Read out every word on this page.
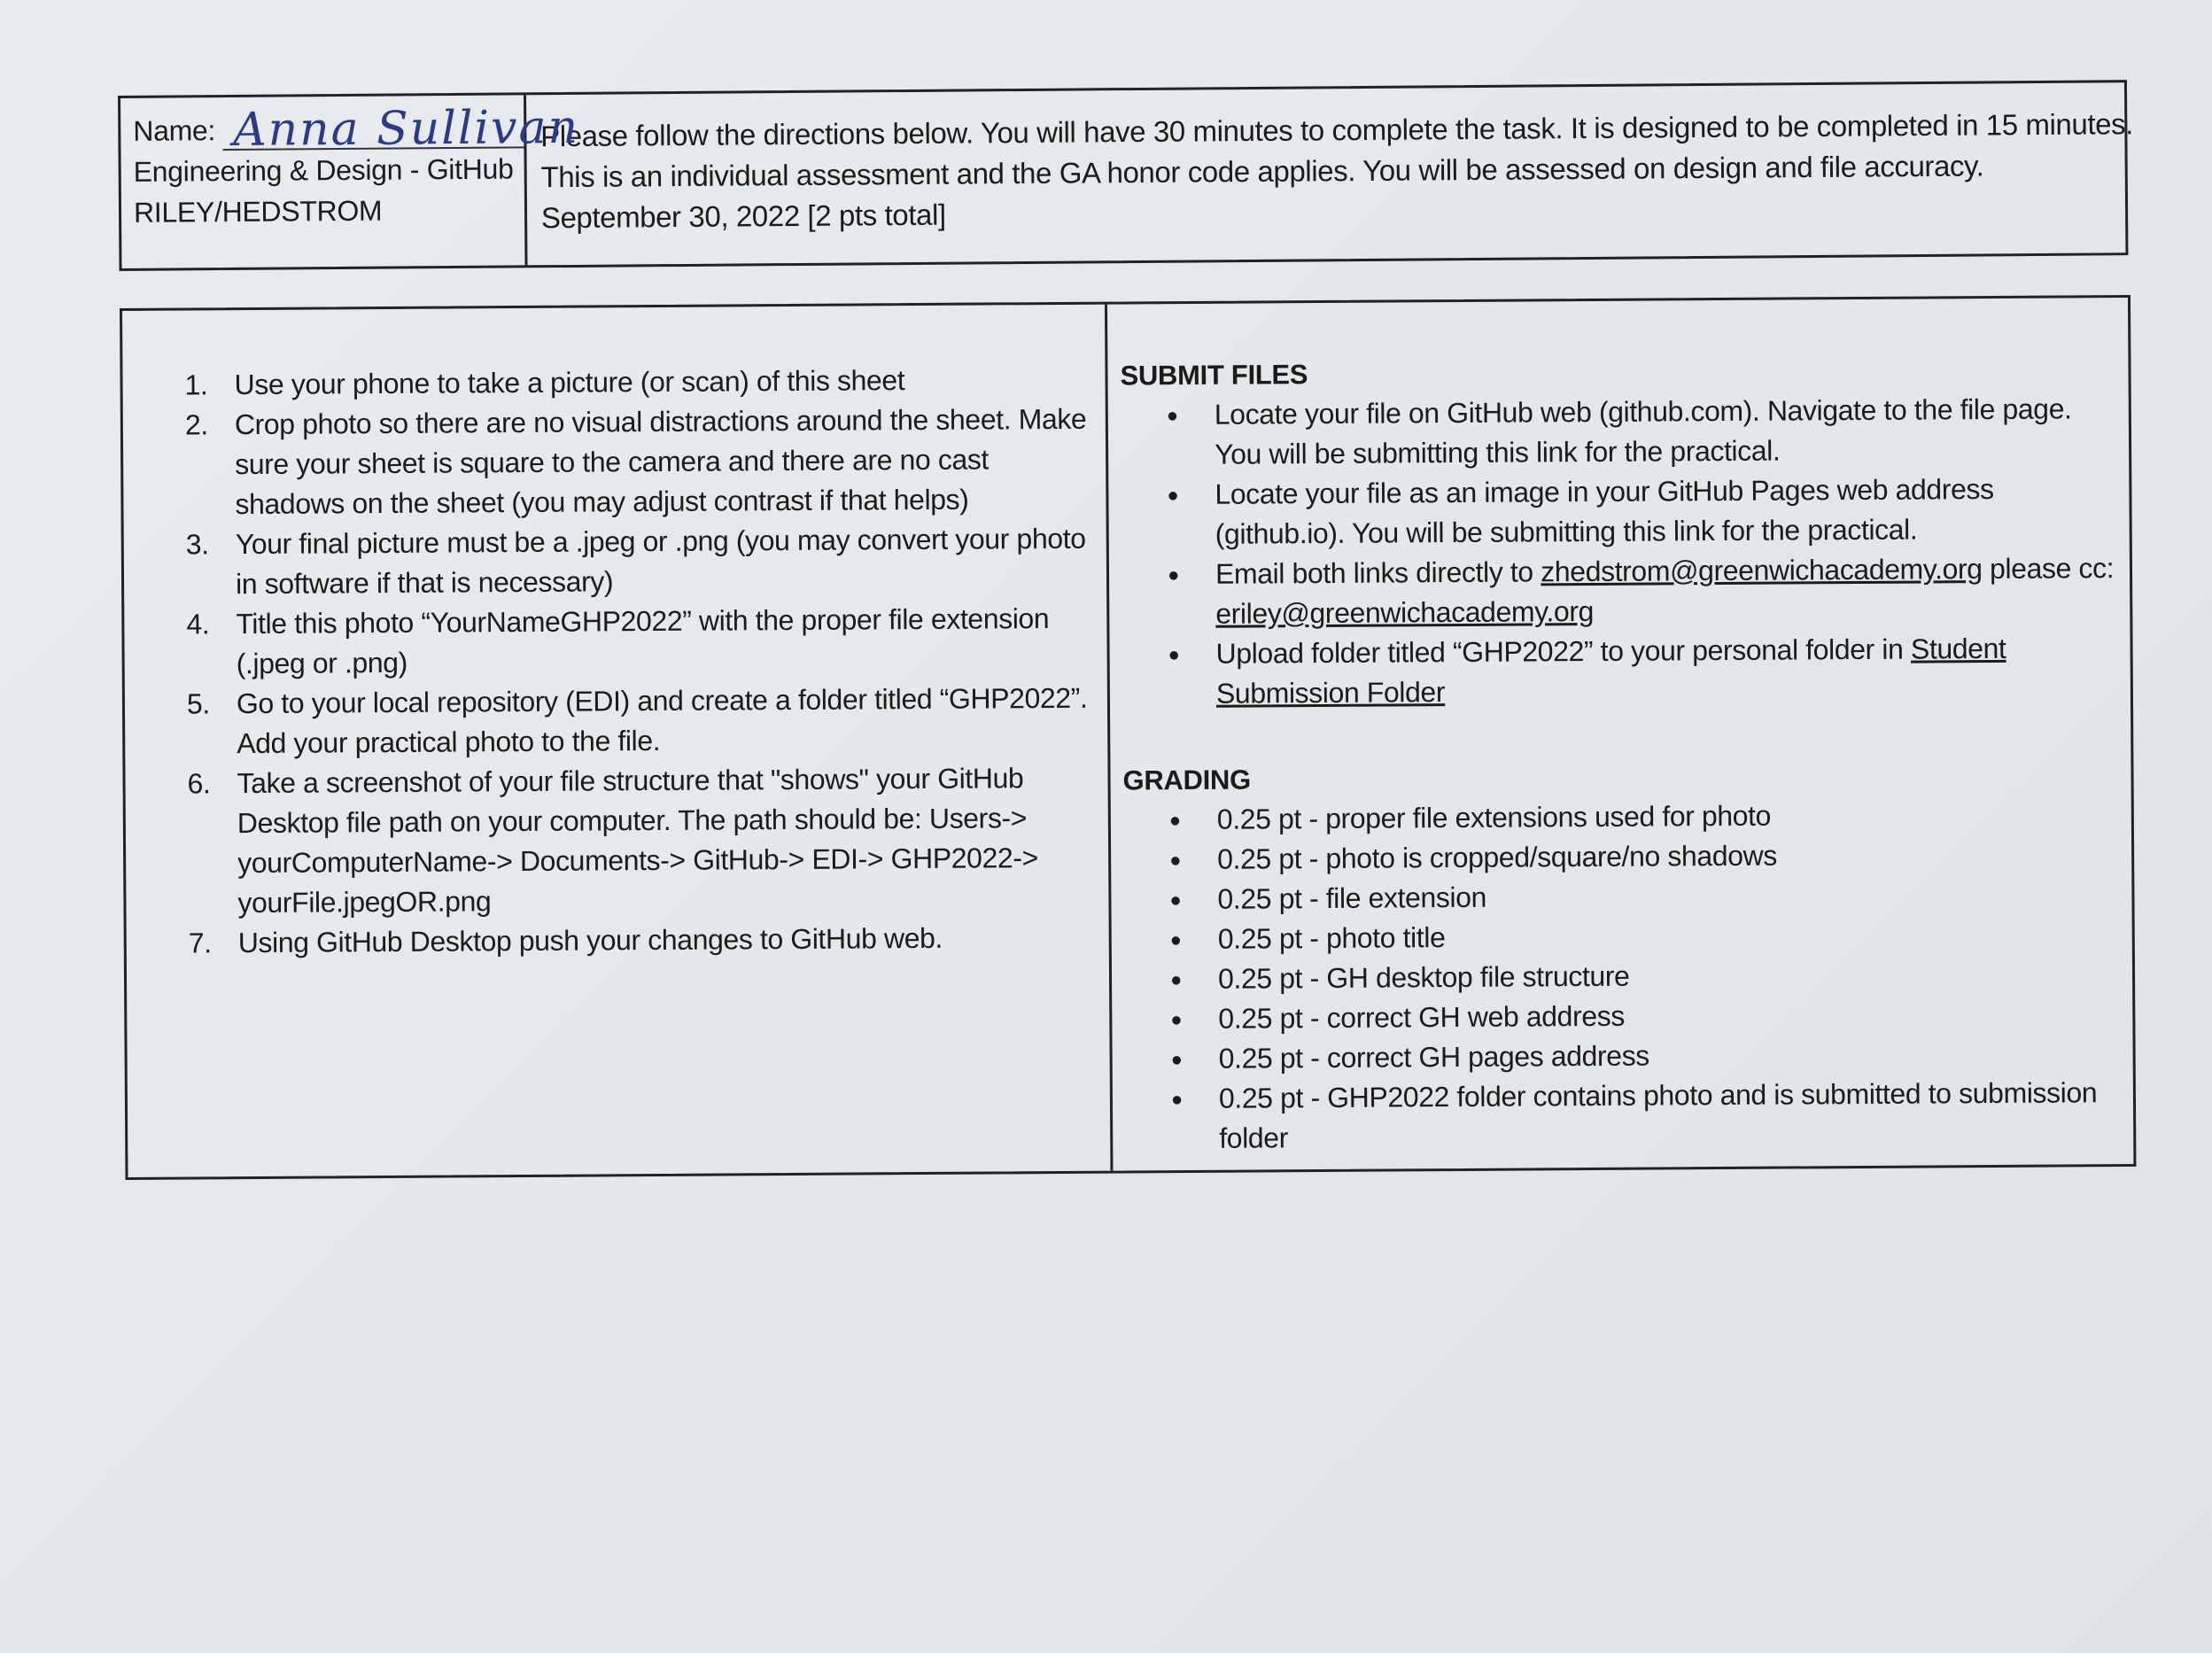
Name: Anna Sullivan
Engineering & Design - GitHub
RILEY/HEDSTROM
Please follow the directions below. You will have 30 minutes to complete the task. It is designed to be completed in 15 minutes.
This is an individual assessment and the GA honor code applies. You will be assessed on design and file accuracy.
September 30, 2022 [2 pts total]
1. Use your phone to take a picture (or scan) of this sheet
2. Crop photo so there are no visual distractions around the sheet. Make sure your sheet is square to the camera and there are no cast shadows on the sheet (you may adjust contrast if that helps)
3. Your final picture must be a .jpeg or .png (you may convert your photo in software if that is necessary)
4. Title this photo “YourNameGHP2022” with the proper file extension (.jpeg or .png)
5. Go to your local repository (EDI) and create a folder titled “GHP2022”. Add your practical photo to the file.
6. Take a screenshot of your file structure that "shows" your GitHub Desktop file path on your computer. The path should be: Users-> yourComputerName-> Documents-> GitHub-> EDI-> GHP2022-> yourFile.jpegOR.png
7. Using GitHub Desktop push your changes to GitHub web.
SUBMIT FILES
●	Locate your file on GitHub web (github.com). Navigate to the file page. You will be submitting this link for the practical.
●	Locate your file as an image in your GitHub Pages web address (github.io). You will be submitting this link for the practical.
●	Email both links directly to zhedstrom@greenwichacademy.org please cc: eriley@greenwichacademy.org
●	Upload folder titled “GHP2022” to your personal folder in Student Submission Folder
GRADING
●	0.25 pt - proper file extensions used for photo
●	0.25 pt - photo is cropped/square/no shadows
●	0.25 pt - file extension
●	0.25 pt - photo title
●	0.25 pt - GH desktop file structure
●	0.25 pt - correct GH web address
●	0.25 pt - correct GH pages address
●	0.25 pt - GHP2022 folder contains photo and is submitted to submission folder
